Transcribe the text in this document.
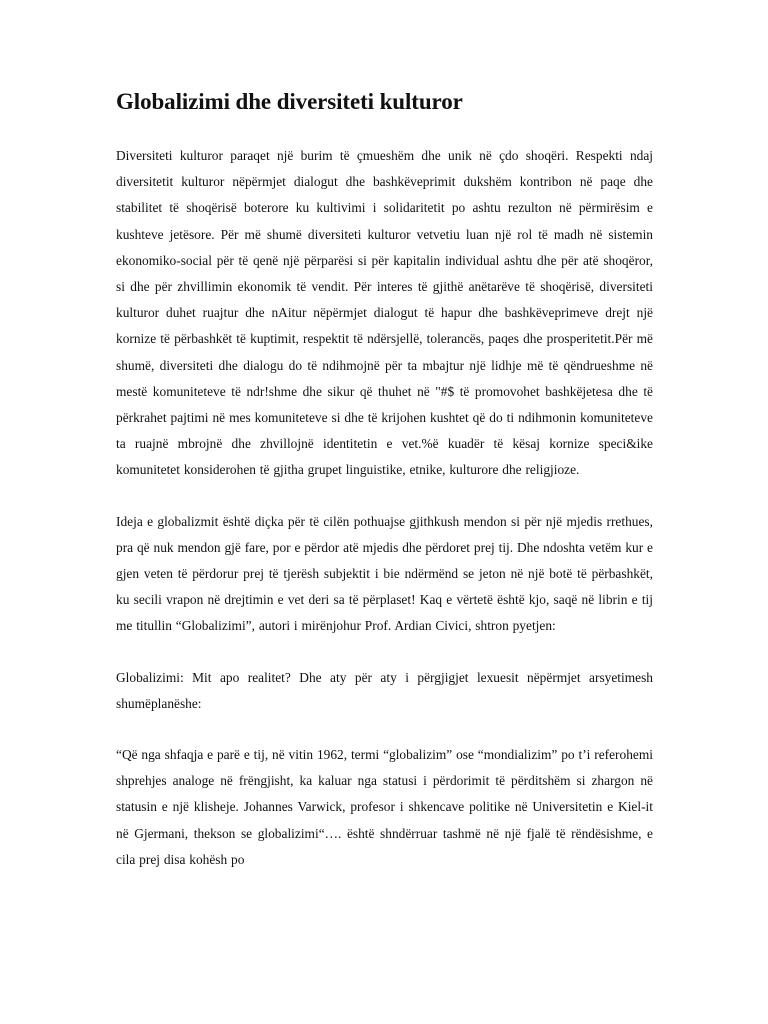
Globalizimi dhe diversiteti kulturor

Diversiteti kulturor paraqet një burim të çmueshëm dhe unik në çdo shoqëri. Respekti ndaj diversitetit kulturor nëpërmjet dialogut dhe bashkëveprimit dukshëm kontribon në paqe dhe stabilitet të shoqërisë boterore ku kultivimi i solidaritetit po ashtu rezulton në përmirësim e kushteve jetësore. Për më shumë diversiteti kulturor vetvetiu luan një rol të madh në sistemin ekonomiko-social për të qenë një përparësi si për kapitalin individual ashtu dhe për atë shoqëror, si dhe për zhvillimin ekonomik të vendit. Për interes të gjithë anëtarëve të shoqërisë, diversiteti kulturor duhet ruajtur dhe nAitur nëpërmjet dialogut të hapur dhe bashkëveprimeve drejt një kornize të përbashkët të kuptimit, respektit të ndërsjellë, tolerancës, paqes dhe prosperitetit.Për më shumë, diversiteti dhe dialogu do të ndihmojnë për ta mbajtur një lidhje më të qëndrueshme në mestë komuniteteve të ndr!shme dhe sikur që thuhet në "#$ të promovohet bashkëjetesa dhe të përkrahet pajtimi në mes komuniteteve si dhe të krijohen kushtet që do ti ndihmonin komuniteteve ta ruajnë mbrojnë dhe zhvillojnë identitetin e vet.%ë kuadër të kësaj kornize speci&ike komunitetet konsiderohen të gjitha grupet linguistike, etnike, kulturore dhe religjioze.

Ideja e globalizmit është diçka për të cilën pothuajse gjithkush mendon si për një mjedis rrethues, pra që nuk mendon gjë fare, por e përdor atë mjedis dhe përdoret prej tij. Dhe ndoshta vetëm kur e gjen veten të përdorur prej të tjerësh subjektit i bie ndërmënd se jeton në një botë të përbashkët, ku secili vrapon në drejtimin e vet deri sa të përplaset! Kaq e vërtetë është kjo, saqë në librin e tij me titullin “Globalizimi”, autori i mirënjohur Prof. Ardian Civici, shtron pyetjen:

Globalizimi: Mit apo realitet? Dhe aty për aty i përgjigjet lexuesit nëpërmjet arsyetimesh shumëplanëshe:

“Që nga shfaqja e parë e tij, në vitin 1962, termi “globalizim” ose “mondializim” po t’i referohemi shprehjes analoge në frëngjisht, ka kaluar nga statusi i përdorimit të përditshëm si zhargon në statusin e një klisheje. Johannes Varwick, profesor i shkencave politike në Universitetin e Kiel-it në Gjermani, thekson se globalizimi“…. është shndërruar tashmë në një fjalë të rëndësishme, e cila prej disa kohësh po
